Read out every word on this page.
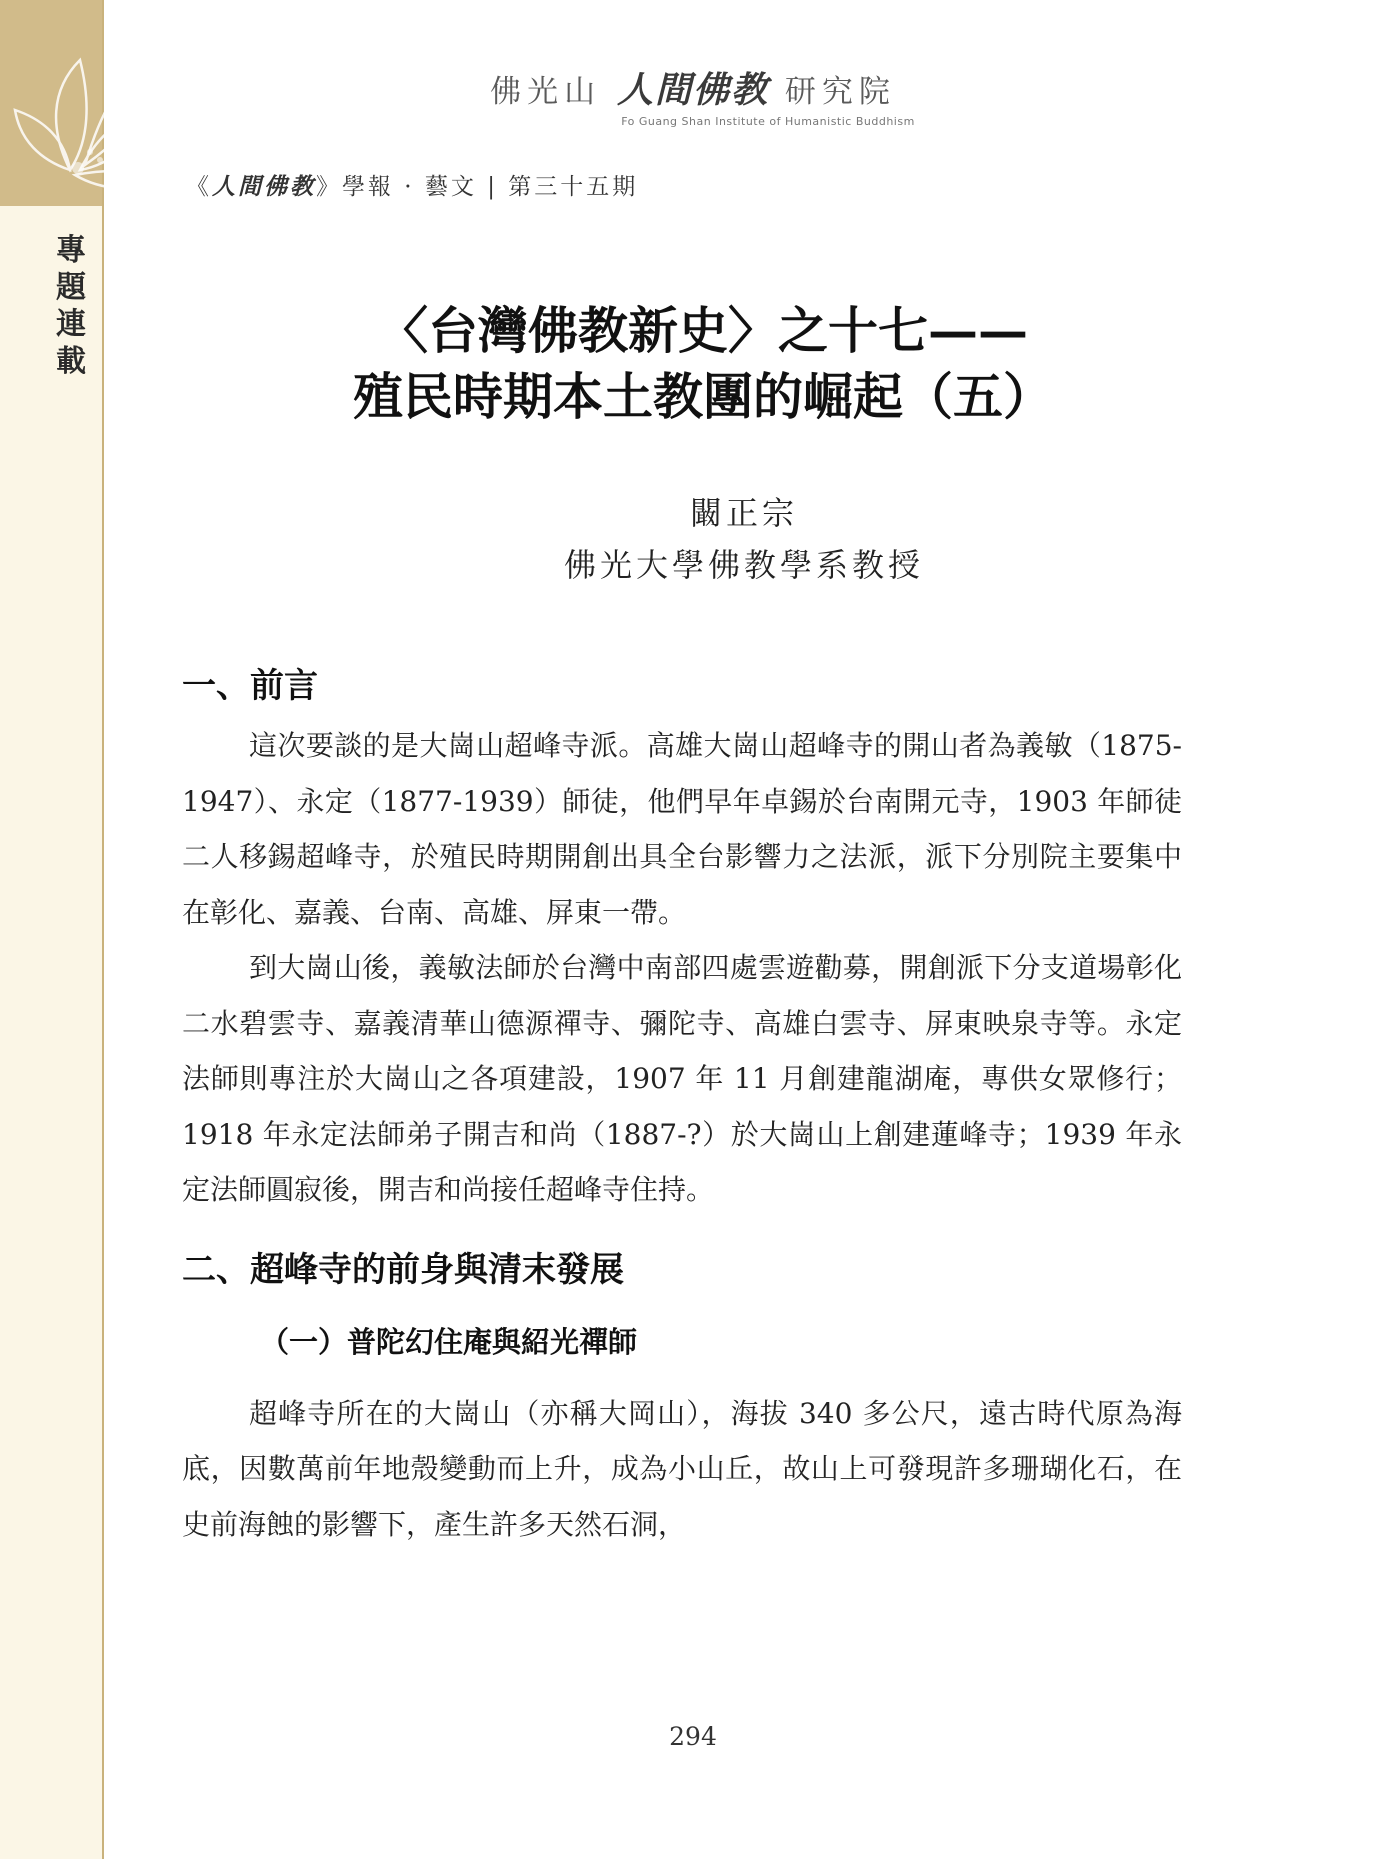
專題連載
佛光山 人間佛教 研究院
Fo Guang Shan Institute of Humanistic Buddhism
《人間佛教》學報 · 藝文 | 第三十五期
〈台灣佛教新史〉之十七——
殖民時期本土教團的崛起（五）
闞正宗
佛光大學佛教學系教授
一、前言

這次要談的是大崗山超峰寺派。高雄大崗山超峰寺的開山者為義敏（1875-1947）、永定（1877-1939）師徒，他們早年卓錫於台南開元寺，1903 年師徒二人移錫超峰寺，於殖民時期開創出具全台影響力之法派，派下分別院主要集中在彰化、嘉義、台南、高雄、屏東一帶。

到大崗山後，義敏法師於台灣中南部四處雲遊勸募，開創派下分支道場彰化二水碧雲寺、嘉義清華山德源禪寺、彌陀寺、高雄白雲寺、屏東映泉寺等。永定法師則專注於大崗山之各項建設，1907 年 11 月創建龍湖庵，專供女眾修行；1918 年永定法師弟子開吉和尚（1887-?）於大崗山上創建蓮峰寺；1939 年永定法師圓寂後，開吉和尚接任超峰寺住持。

二、超峰寺的前身與清末發展
（一）普陀幻住庵與紹光禪師

超峰寺所在的大崗山（亦稱大岡山），海拔 340 多公尺，遠古時代原為海底，因數萬前年地殼變動而上升，成為小山丘，故山上可發現許多珊瑚化石，在史前海蝕的影響下，產生許多天然石洞，

294
